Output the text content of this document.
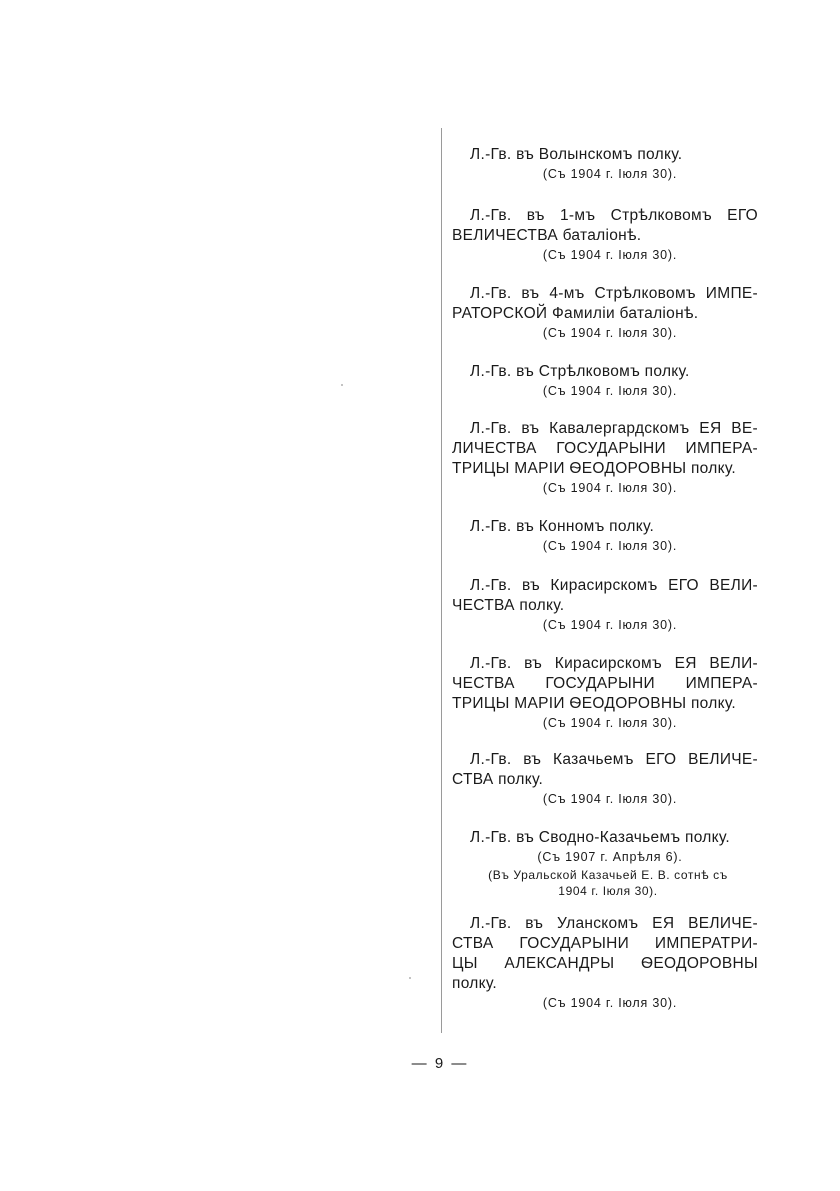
Л.-Гв. въ Волынскомъ полку.
(Съ 1904 г. Іюля 30).
Л.-Гв. въ 1-мъ Стрѣлковомъ ЕГО
ВЕЛИЧЕСТВА баталіонѣ.
(Съ 1904 г. Іюля 30).
Л.-Гв. въ 4-мъ Стрѣлковомъ ИМПЕ-
РАТОРСКОЙ Фамиліи баталіонѣ.
(Съ 1904 г. Іюля 30).
Л.-Гв. въ Стрѣлковомъ полку.
(Съ 1904 г. Іюля 30).
Л.-Гв. въ Кавалергардскомъ ЕЯ ВЕ-
ЛИЧЕСТВА ГОСУДАРЫНИ ИМПЕРА-
ТРИЦЫ МАРІИ ѲЕОДОРОВНЫ полку.
(Съ 1904 г. Іюля 30).
Л.-Гв. въ Конномъ полку.
(Съ 1904 г. Іюля 30).
Л.-Гв. въ Кирасирскомъ ЕГО ВЕЛИ-
ЧЕСТВА полку.
(Съ 1904 г. Іюля 30).
Л.-Гв. въ Кирасирскомъ ЕЯ ВЕЛИ-
ЧЕСТВА ГОСУДАРЫНИ ИМПЕРА-
ТРИЦЫ МАРІИ ѲЕОДОРОВНЫ полку.
(Съ 1904 г. Іюля 30).
Л.-Гв. въ Казачьемъ ЕГО ВЕЛИЧЕ-
СТВА полку.
(Съ 1904 г. Іюля 30).
Л.-Гв. въ Сводно-Казачьемъ полку.
(Съ 1907 г. Апрѣля 6).
(Въ Уральской Казачьей Е. В. сотнѣ съ
1904 г. Іюля 30).
Л.-Гв. въ Уланскомъ ЕЯ ВЕЛИЧЕ-
СТВА ГОСУДАРЫНИ ИМПЕРАТРИ-
ЦЫ АЛЕКСАНДРЫ ѲЕОДОРОВНЫ
полку.
(Съ 1904 г. Іюля 30).
— 9 —
